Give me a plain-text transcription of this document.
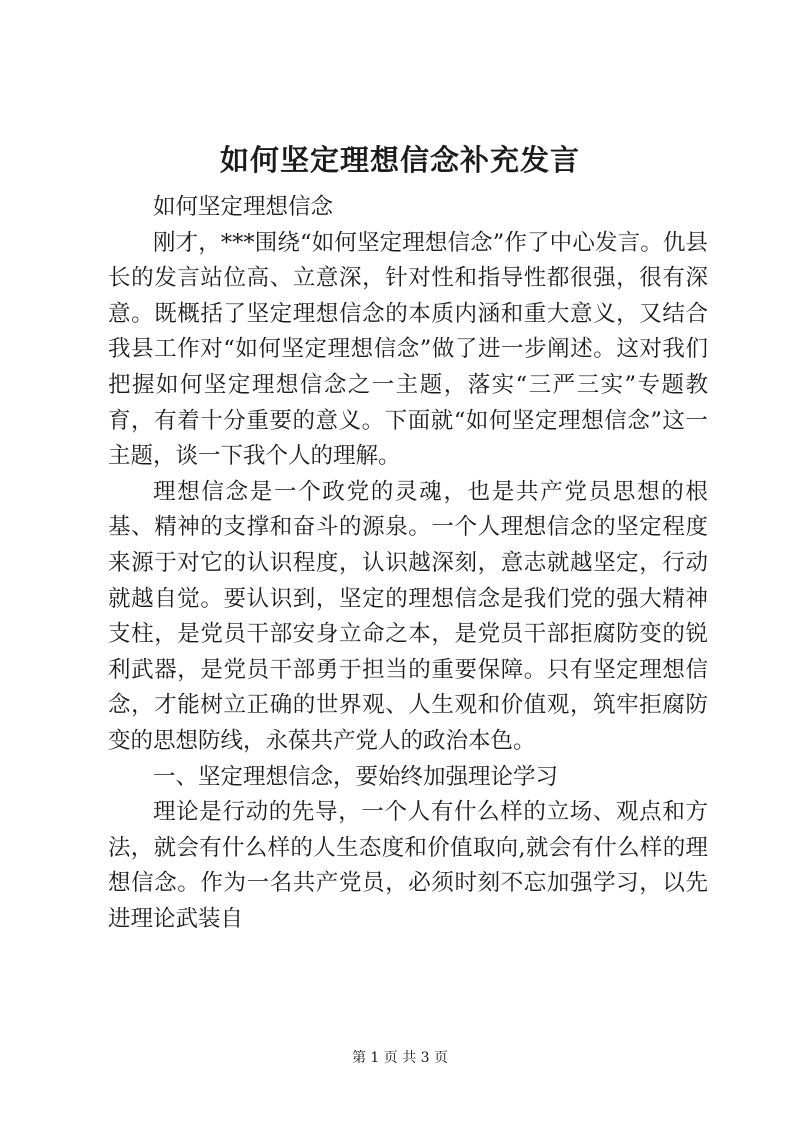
如何坚定理想信念补充发言

如何坚定理想信念

刚才，***围绕“如何坚定理想信念”作了中心发言。仇县长的发言站位高、立意深，针对性和指导性都很强，很有深意。既概括了坚定理想信念的本质内涵和重大意义，又结合我县工作对“如何坚定理想信念”做了进一步阐述。这对我们把握如何坚定理想信念之一主题，落实“三严三实”专题教育，有着十分重要的意义。下面就“如何坚定理想信念”这一主题，谈一下我个人的理解。

理想信念是一个政党的灵魂，也是共产党员思想的根基、精神的支撑和奋斗的源泉。一个人理想信念的坚定程度来源于对它的认识程度，认识越深刻，意志就越坚定，行动就越自觉。要认识到，坚定的理想信念是我们党的强大精神支柱，是党员干部安身立命之本，是党员干部拒腐防变的锐利武器，是党员干部勇于担当的重要保障。只有坚定理想信念，才能树立正确的世界观、人生观和价值观，筑牢拒腐防变的思想防线，永葆共产党人的政治本色。

一、坚定理想信念，要始终加强理论学习

理论是行动的先导，一个人有什么样的立场、观点和方法，就会有什么样的人生态度和价值取向,就会有什么样的理想信念。作为一名共产党员，必须时刻不忘加强学习，以先进理论武装自

第 1 页 共 3 页
